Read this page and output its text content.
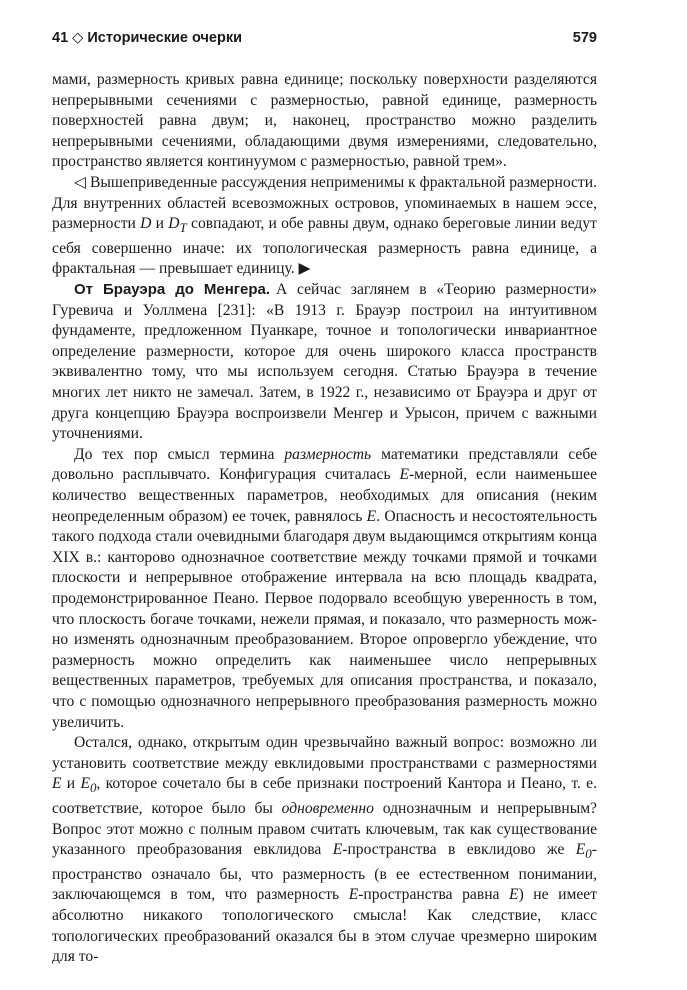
41 ◇ Исторические очерки	579

мами, размерность кривых равна единице; поскольку поверхности разделяются непрерывными сечениями с размерностью, равной единице, размерность поверхностей равна двум; и, наконец, пространство можно разделить непрерывными сечениями, обладающими двумя измерениями, следовательно, пространство является континуумом с размерностью, равной трем».

◁ Вышеприведенные рассуждения неприменимы к фрактальной размерности. Для внутренних областей всевозможных островов, упоминаемых в нашем эссе, размерности D и $D_T$ совпадают, и обе равны двум, однако береговые линии ведут себя совершенно иначе: их топологическая размерность равна единице, а фрактальная — превышает единицу. ▶

От Брауэра до Менгера. А сейчас заглянем в «Теорию размерности» Гуревича и Уоллмена [231]: «В 1913 г. Брауэр построил на интуитивном фундаменте, предложенном Пуанкаре, точное и топологически инвариантное определение размерности, которое для очень широкого класса пространств эквивалентно тому, что мы используем сегодня. Статью Брауэра в течение многих лет никто не замечал. Затем, в 1922 г., независимо от Брауэра и друг от друга концепцию Брауэра воспроизвели Менгер и Урысон, причем с важными уточнениями.

До тех пор смысл термина размерность математики представляли себе довольно расплывчато. Конфигурация считалась E-мерной, если наименьшее количество вещественных параметров, необходимых для описания (неким неопределенным образом) ее точек, равнялось E. Опасность и несостоятельность такого подхода стали очевидными благодаря двум выдающимся открытиям конца XIX в.: канторово однозначное соответствие между точками прямой и точками плоскости и непрерывное отображение интервала на всю площадь квадрата, продемонстрированное Пеано. Первое подорвало всеобщую уверенность в том, что плоскость богаче точками, нежели прямая, и показало, что размерность можно изменять однозначным преобразованием. Второе опровергло убеждение, что размерность можно определить как наименьшее число непрерывных вещественных параметров, требуемых для описания пространства, и показало, что с помощью однозначного непрерывного преобразования размерность можно увеличить.

Остался, однако, открытым один чрезвычайно важный вопрос: возможно ли установить соответствие между евклидовыми пространствами с размерностями E и $E_0$, которое сочетало бы в себе признаки построений Кантора и Пеано, т. е. соответствие, которое было бы одновременно однозначным и непрерывным? Вопрос этот можно с полным правом считать ключевым, так как существование указанного преобразования евклидова E-пространства в евклидово же $E_0$-пространство означало бы, что размерность (в ее естественном понимании, заключающемся в том, что размерность E-пространства равна E) не имеет абсолютно никакого топологического смысла! Как следствие, класс топологических преобразований оказался бы в этом случае чрезмерно широким для то-
